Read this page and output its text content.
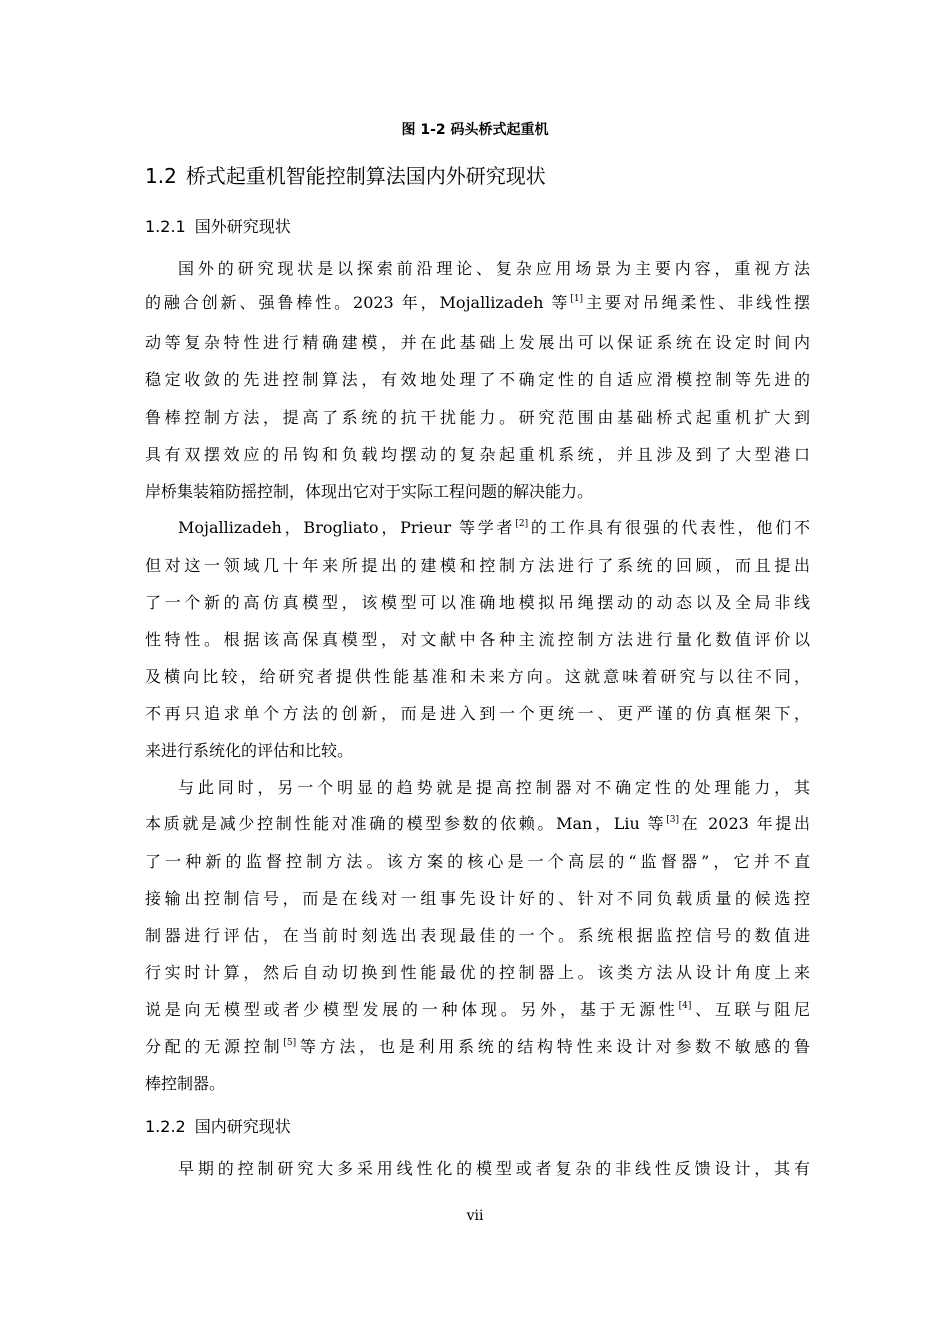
图 1-2 码头桥式起重机
1.2 桥式起重机智能控制算法国内外研究现状
1.2.1 国外研究现状
国外的研究现状是以探索前沿理论、复杂应用场景为主要内容，重视方法
的融合创新、强鲁棒性。2023 年，Mojallizadeh 等[1]主要对吊绳柔性、非线性摆
动等复杂特性进行精确建模，并在此基础上发展出可以保证系统在设定时间内
稳定收敛的先进控制算法，有效地处理了不确定性的自适应滑模控制等先进的
鲁棒控制方法，提高了系统的抗干扰能力。研究范围由基础桥式起重机扩大到
具有双摆效应的吊钩和负载均摆动的复杂起重机系统，并且涉及到了大型港口
岸桥集装箱防摇控制，体现出它对于实际工程问题的解决能力。
Mojallizadeh，Brogliato，Prieur 等学者[2]的工作具有很强的代表性，他们不
但对这一领域几十年来所提出的建模和控制方法进行了系统的回顾，而且提出
了一个新的高仿真模型，该模型可以准确地模拟吊绳摆动的动态以及全局非线
性特性。根据该高保真模型，对文献中各种主流控制方法进行量化数值评价以
及横向比较，给研究者提供性能基准和未来方向。这就意味着研究与以往不同，
不再只追求单个方法的创新，而是进入到一个更统一、更严谨的仿真框架下，
来进行系统化的评估和比较。
与此同时，另一个明显的趋势就是提高控制器对不确定性的处理能力，其
本质就是减少控制性能对准确的模型参数的依赖。Man，Liu 等[3]在 2023 年提出
了一种新的监督控制方法。该方案的核心是一个高层的“监督器”，它并不直
接输出控制信号，而是在线对一组事先设计好的、针对不同负载质量的候选控
制器进行评估，在当前时刻选出表现最佳的一个。系统根据监控信号的数值进
行实时计算，然后自动切换到性能最优的控制器上。该类方法从设计角度上来
说是向无模型或者少模型发展的一种体现。另外，基于无源性[4]、互联与阻尼
分配的无源控制[5]等方法，也是利用系统的结构特性来设计对参数不敏感的鲁
棒控制器。
1.2.2 国内研究现状
早期的控制研究大多采用线性化的模型或者复杂的非线性反馈设计，其有
vii
